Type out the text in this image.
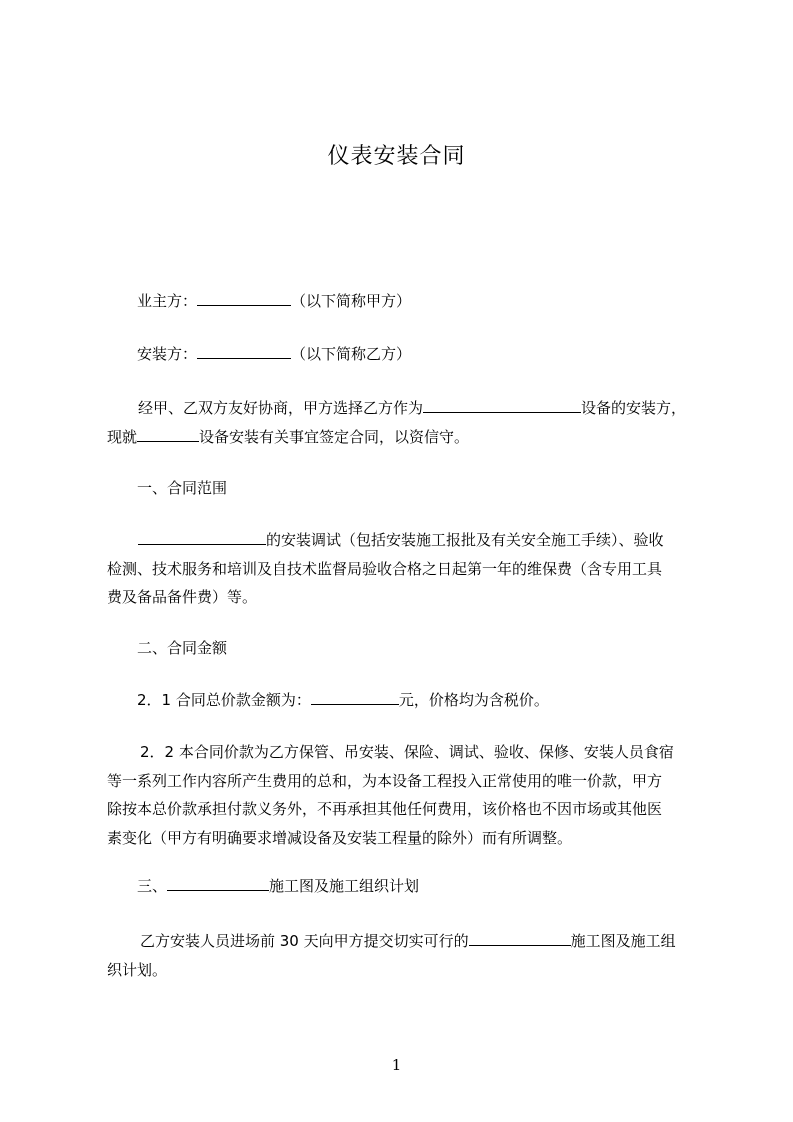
仪表安装合同
业主方：	（以下简称甲方）
安装方：	（以下简称乙方）
经甲、乙双方友好协商，甲方选择乙方作为	设备的安装方，
现就	设备安装有关事宜签定合同，以资信守。
一、合同范围
的安装调试（包括安装施工报批及有关安全施工手续）、验收
检测、技术服务和培训及自技术监督局验收合格之日起第一年的维保费（含专用工具
费及备品备件费）等。
二、合同金额
2．1 合同总价款金额为：	元，价格均为含税价。
2．2 本合同价款为乙方保管、吊安装、保险、调试、验收、保修、安装人员食宿
等一系列工作内容所产生费用的总和，为本设备工程投入正常使用的唯一价款，甲方
除按本总价款承担付款义务外，不再承担其他任何费用，该价格也不因市场或其他医
素变化（甲方有明确要求增减设备及安装工程量的除外）而有所调整。
三、	施工图及施工组织计划
乙方安装人员进场前 30 天向甲方提交切实可行的	施工图及施工组
织计划。
1
